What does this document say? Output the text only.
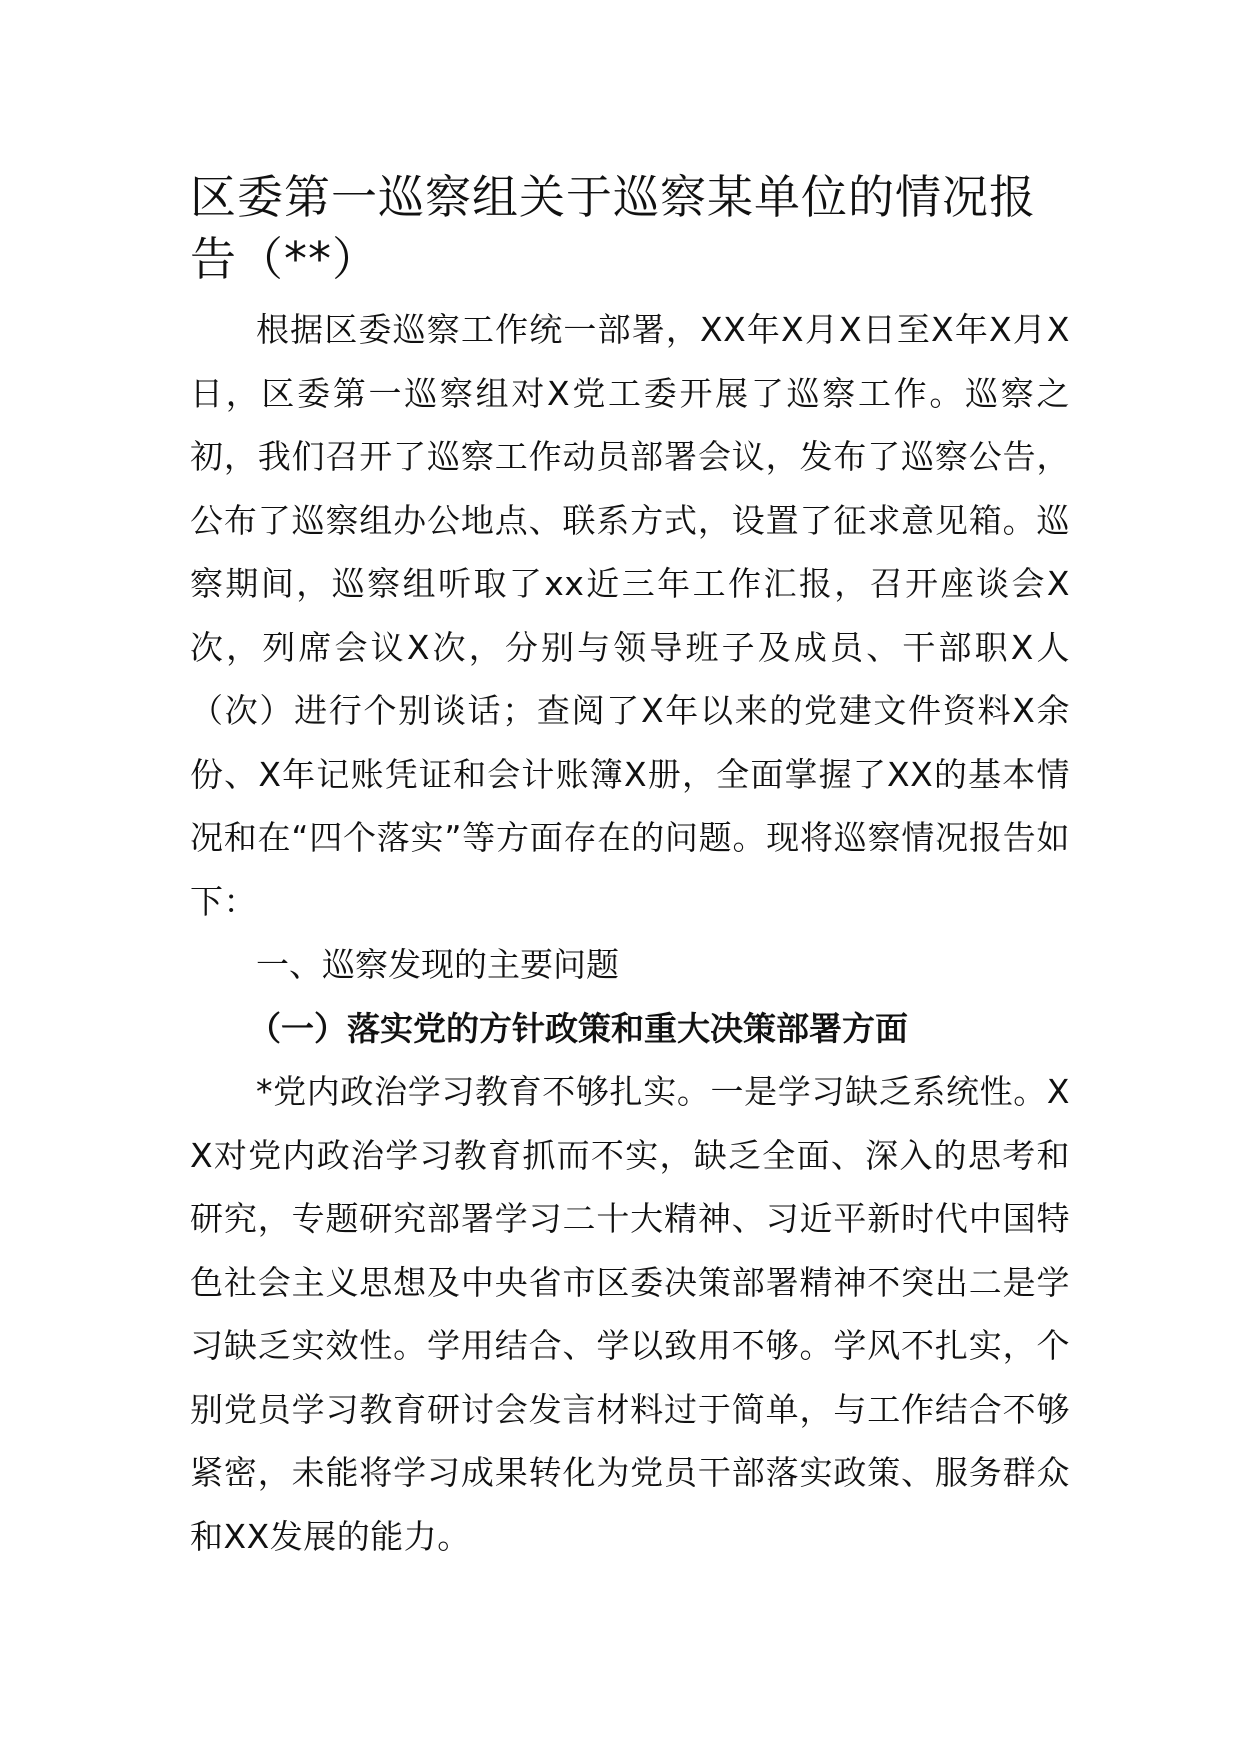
区委第一巡察组关于巡察某单位的情况报告（**）

根据区委巡察工作统一部署，XX年X月X日至X年X月X日，区委第一巡察组对X党工委开展了巡察工作。巡察之初，我们召开了巡察工作动员部署会议，发布了巡察公告，公布了巡察组办公地点、联系方式，设置了征求意见箱。巡察期间，巡察组听取了xx近三年工作汇报，召开座谈会X次，列席会议X次，分别与领导班子及成员、干部职X人（次）进行个别谈话；查阅了X年以来的党建文件资料X余份、X年记账凭证和会计账簿X册，全面掌握了XX的基本情况和在“四个落实”等方面存在的问题。现将巡察情况报告如下：

一、巡察发现的主要问题

（一）落实党的方针政策和重大决策部署方面

*党内政治学习教育不够扎实。一是学习缺乏系统性。XX对党内政治学习教育抓而不实，缺乏全面、深入的思考和研究，专题研究部署学习二十大精神、习近平新时代中国特色社会主义思想及中央省市区委决策部署精神不突出二是学习缺乏实效性。学用结合、学以致用不够。学风不扎实，个别党员学习教育研讨会发言材料过于简单，与工作结合不够紧密，未能将学习成果转化为党员干部落实政策、服务群众和XX发展的能力。
